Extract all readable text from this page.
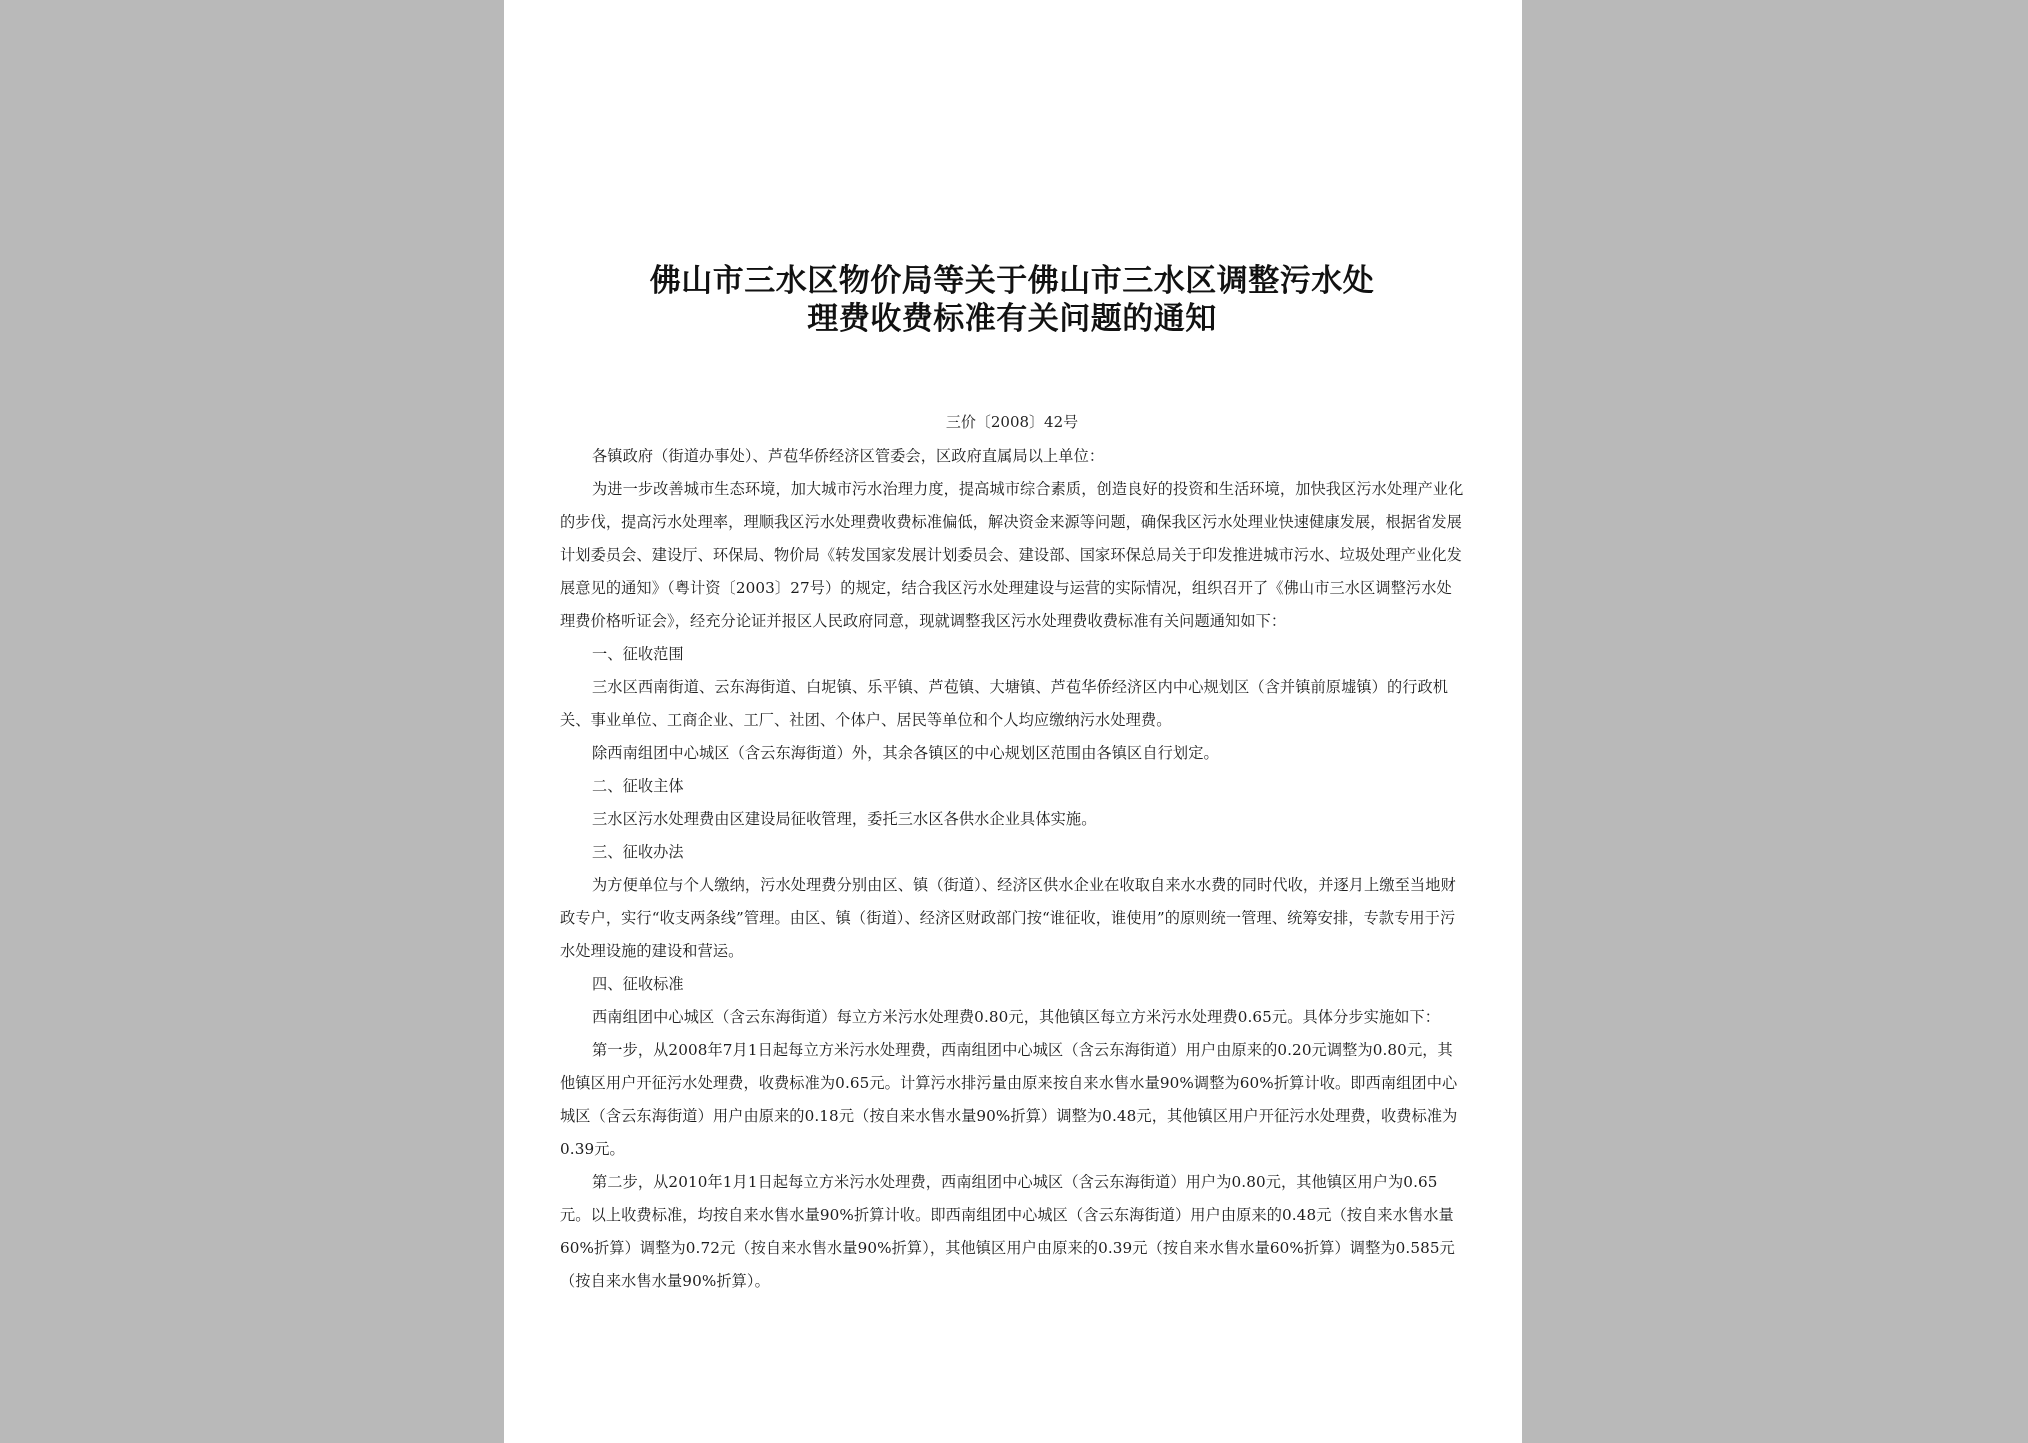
佛山市三水区物价局等关于佛山市三水区调整污水处
理费收费标准有关问题的通知
三价〔2008〕42号

各镇政府（街道办事处）、芦苞华侨经济区管委会，区政府直属局以上单位：

为进一步改善城市生态环境，加大城市污水治理力度，提高城市综合素质，创造良好的投资和生活环境，加快我区污水处理产业化的步伐，提高污水处理率，理顺我区污水处理费收费标准偏低，解决资金来源等问题，确保我区污水处理业快速健康发展，根据省发展计划委员会、建设厅、环保局、物价局《转发国家发展计划委员会、建设部、国家环保总局关于印发推进城市污水、垃圾处理产业化发展意见的通知》（粤计资〔2003〕27号）的规定，结合我区污水处理建设与运营的实际情况，组织召开了《佛山市三水区调整污水处理费价格听证会》，经充分论证并报区人民政府同意，现就调整我区污水处理费收费标准有关问题通知如下：

一、征收范围

三水区西南街道、云东海街道、白坭镇、乐平镇、芦苞镇、大塘镇、芦苞华侨经济区内中心规划区（含并镇前原墟镇）的行政机关、事业单位、工商企业、工厂、社团、个体户、居民等单位和个人均应缴纳污水处理费。

除西南组团中心城区（含云东海街道）外，其余各镇区的中心规划区范围由各镇区自行划定。

二、征收主体

三水区污水处理费由区建设局征收管理，委托三水区各供水企业具体实施。

三、征收办法

为方便单位与个人缴纳，污水处理费分别由区、镇（街道）、经济区供水企业在收取自来水水费的同时代收，并逐月上缴至当地财政专户，实行“收支两条线”管理。由区、镇（街道）、经济区财政部门按“谁征收，谁使用”的原则统一管理、统筹安排，专款专用于污水处理设施的建设和营运。

四、征收标准

西南组团中心城区（含云东海街道）每立方米污水处理费0.80元，其他镇区每立方米污水处理费0.65元。具体分步实施如下：

第一步，从2008年7月1日起每立方米污水处理费，西南组团中心城区（含云东海街道）用户由原来的0.20元调整为0.80元，其他镇区用户开征污水处理费，收费标准为0.65元。计算污水排污量由原来按自来水售水量90%调整为60%折算计收。即西南组团中心城区（含云东海街道）用户由原来的0.18元（按自来水售水量90%折算）调整为0.48元，其他镇区用户开征污水处理费，收费标准为0.39元。

第二步，从2010年1月1日起每立方米污水处理费，西南组团中心城区（含云东海街道）用户为0.80元，其他镇区用户为0.65元。以上收费标准，均按自来水售水量90%折算计收。即西南组团中心城区（含云东海街道）用户由原来的0.48元（按自来水售水量60%折算）调整为0.72元（按自来水售水量90%折算），其他镇区用户由原来的0.39元（按自来水售水量60%折算）调整为0.585元（按自来水售水量90%折算）。
